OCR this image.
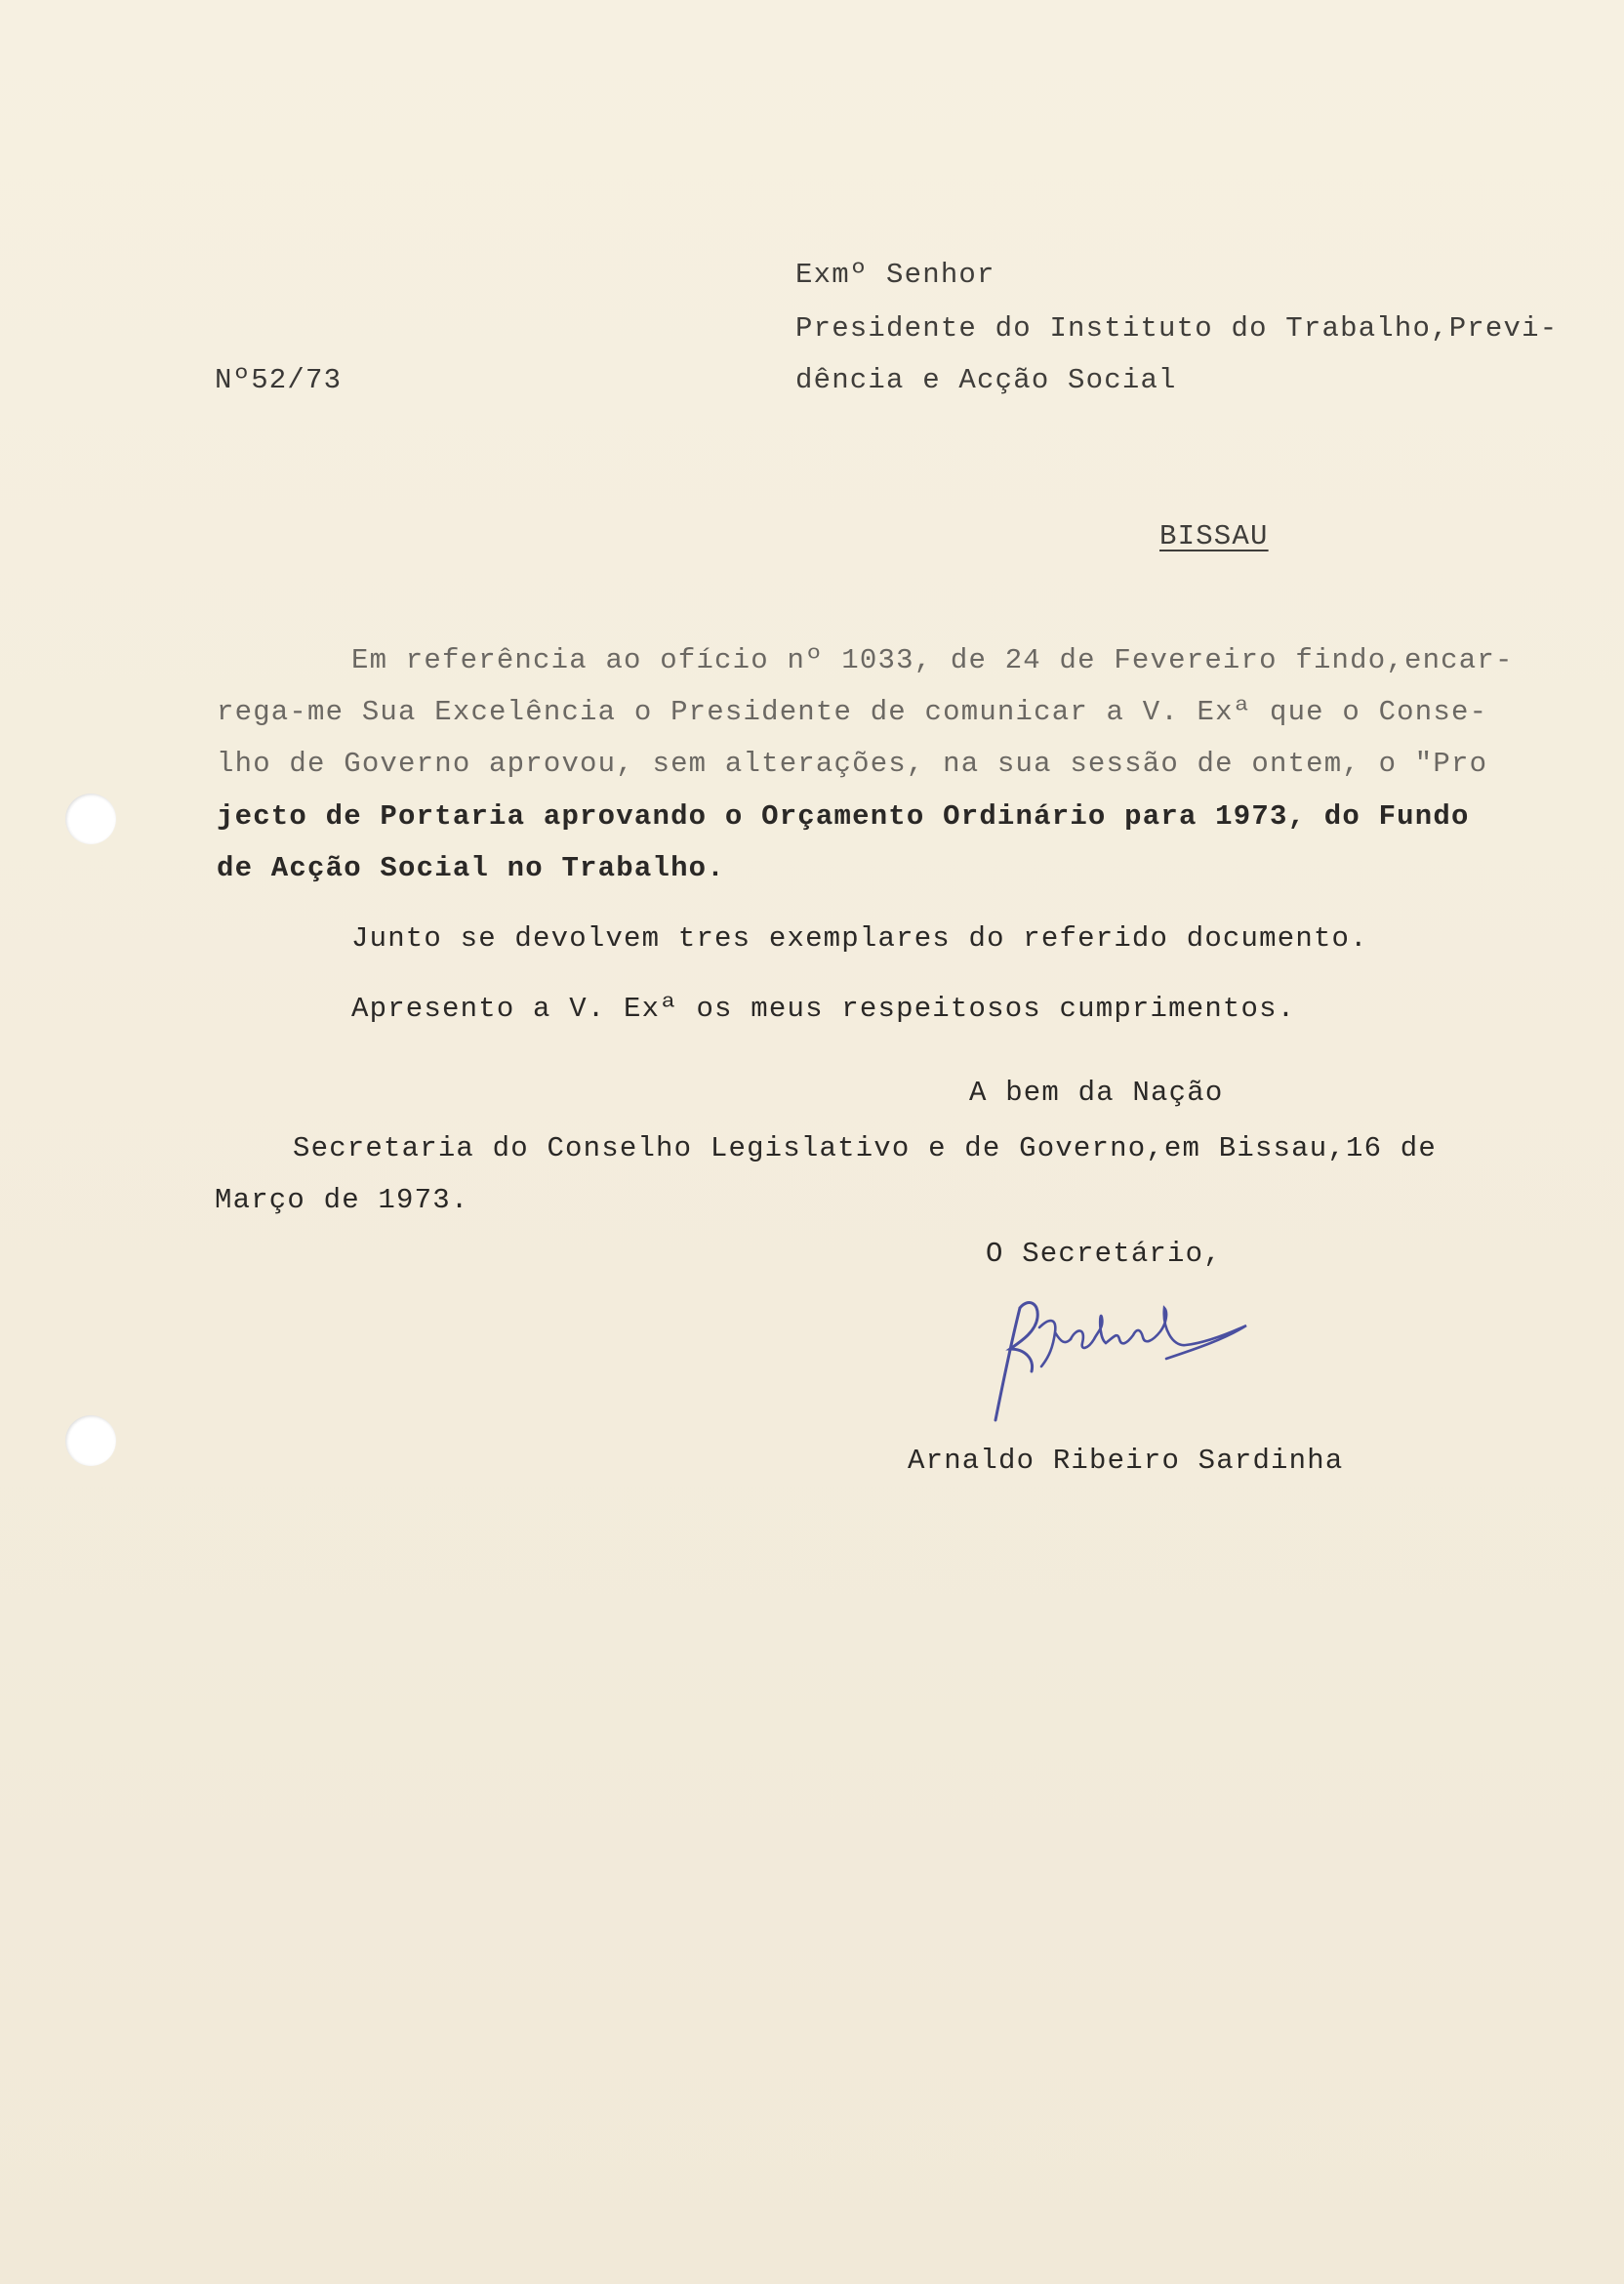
Exmº Senhor
Presidente do Instituto do Trabalho,Previ-
Nº52/73	dência e Acção Social
BISSAU
Em referência ao ofício nº 1033, de 24 de Fevereiro findo,encar-
rega-me Sua Excelência o Presidente de comunicar a V. Exª que o Conse-
lho de Governo aprovou, sem alterações, na sua sessão de ontem, o "Pro
jecto de Portaria aprovando o Orçamento Ordinário para 1973, do Fundo
de Acção Social no Trabalho.
Junto se devolvem tres exemplares do referido documento.
Apresento a V. Exª os meus respeitosos cumprimentos.
A bem da Nação
Secretaria do Conselho Legislativo e de Governo,em Bissau,16 de
Março de 1973.
O Secretário,
Arnaldo Ribeiro Sardinha
